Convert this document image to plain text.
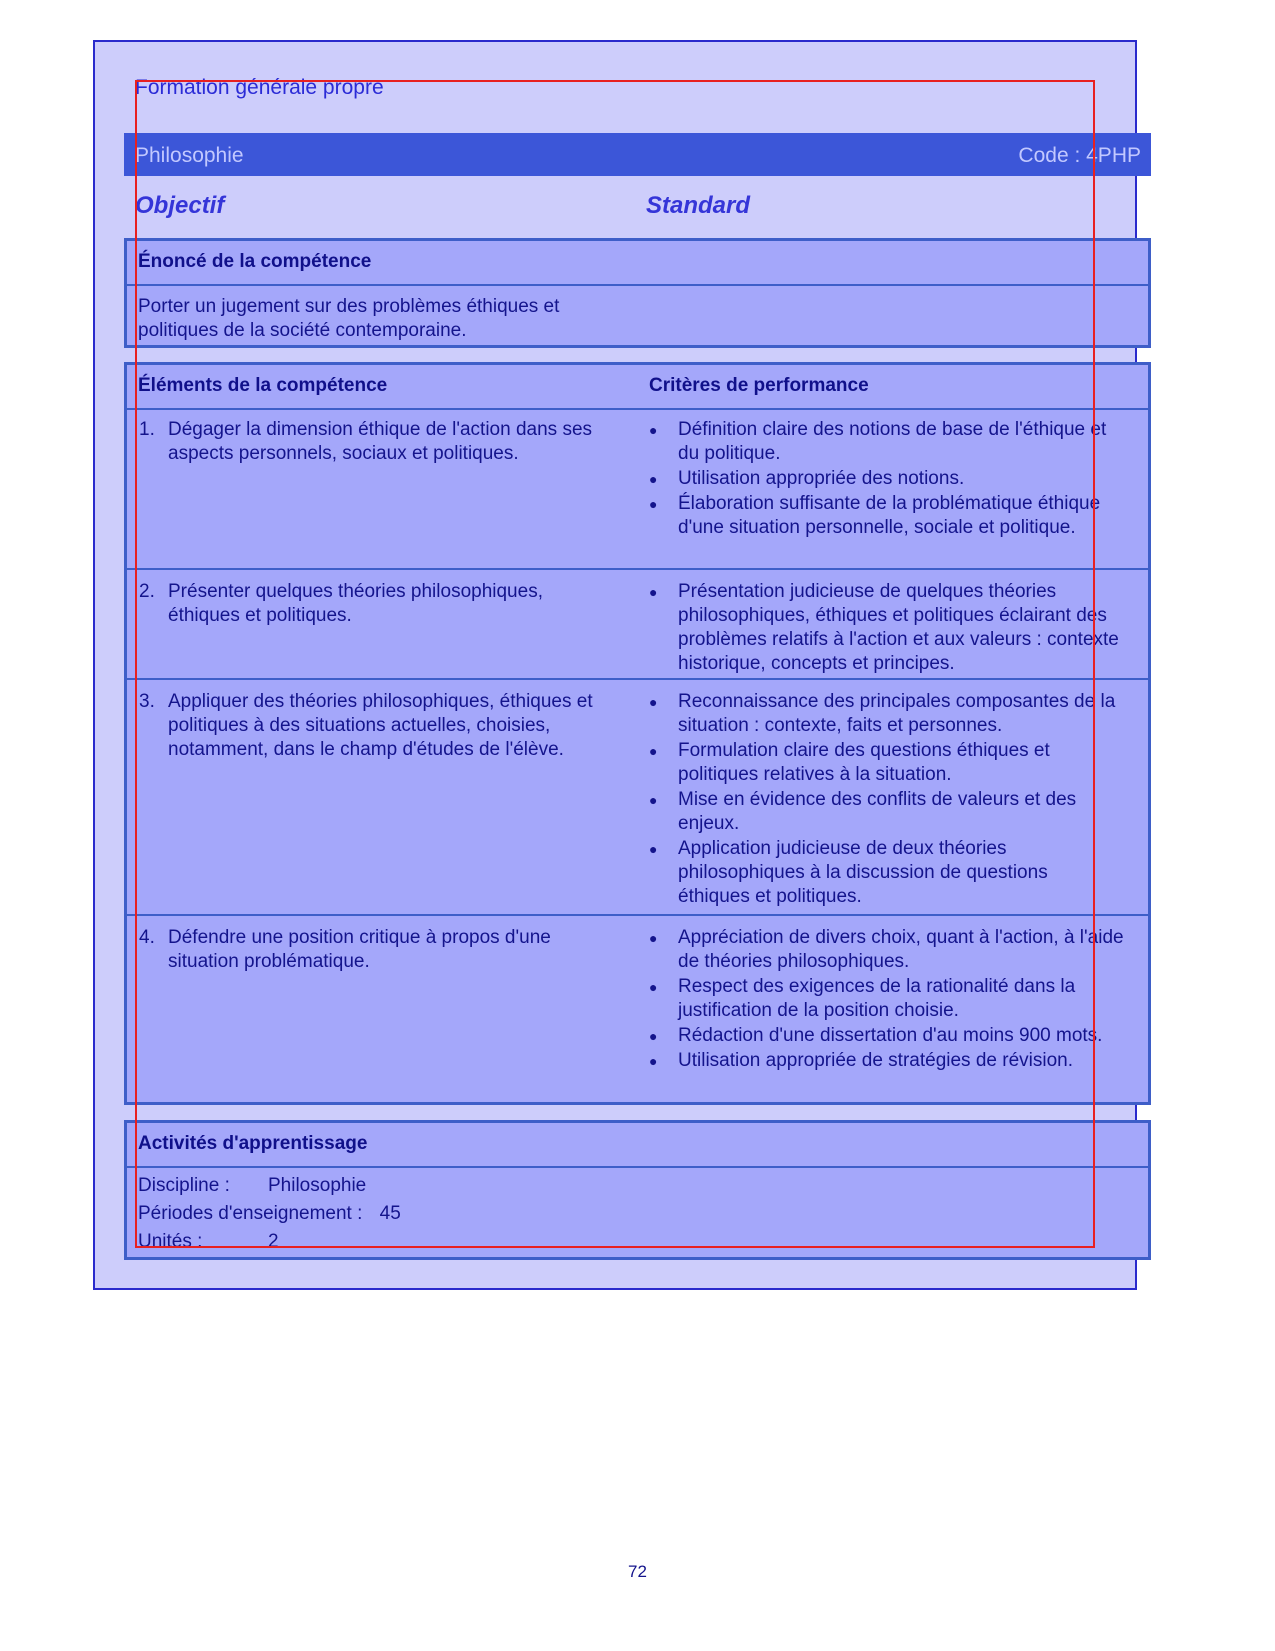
Formation générale propre
Philosophie	Code : 4PHP
Objectif	Standard
Énoncé de la compétence
Porter un jugement sur des problèmes éthiques et politiques de la société contemporaine.
Éléments de la compétence	Critères de performance
1. Dégager la dimension éthique de l'action dans ses aspects personnels, sociaux et politiques.
● Définition claire des notions de base de l'éthique et du politique.
● Utilisation appropriée des notions.
● Élaboration suffisante de la problématique éthique d'une situation personnelle, sociale et politique.
2. Présenter quelques théories philosophiques, éthiques et politiques.
● Présentation judicieuse de quelques théories philosophiques, éthiques et politiques éclairant des problèmes relatifs à l'action et aux valeurs : contexte historique, concepts et principes.
3. Appliquer des théories philosophiques, éthiques et politiques à des situations actuelles, choisies, notamment, dans le champ d'études de l'élève.
● Reconnaissance des principales composantes de la situation : contexte, faits et personnes.
● Formulation claire des questions éthiques et politiques relatives à la situation.
● Mise en évidence des conflits de valeurs et des enjeux.
● Application judicieuse de deux théories philosophiques à la discussion de questions éthiques et politiques.
4. Défendre une position critique à propos d'une situation problématique.
● Appréciation de divers choix, quant à l'action, à l'aide de théories philosophiques.
● Respect des exigences de la rationalité dans la justification de la position choisie.
● Rédaction d'une dissertation d'au moins 900 mots.
● Utilisation appropriée de stratégies de révision.
Activités d'apprentissage
Discipline : Philosophie
Périodes d'enseignement : 45
Unités :	2
72
